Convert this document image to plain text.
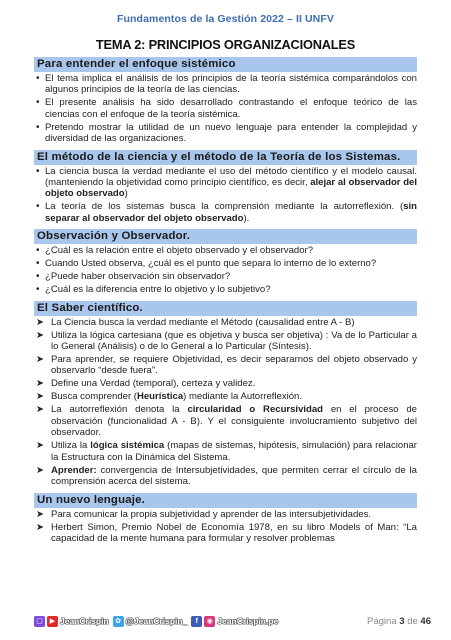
Fundamentos de la Gestión 2022 – II UNFV
TEMA 2: PRINCIPIOS ORGANIZACIONALES
Para entender el enfoque sistémico
• El tema implica el análisis de los principios de la teoría sistémica comparándolos con algunos principios de la teoría de las ciencias.
• El presente análisis ha sido desarrollado contrastando el enfoque teórico de las ciencias con el enfoque de la teoría sistémica.
• Pretendo mostrar la utilidad de un nuevo lenguaje para entender la complejidad y diversidad de las organizaciones.
El método de la ciencia y el método de la Teoría de los Sistemas.
• La ciencia busca la verdad mediante el uso del método científico y el modelo causal. (manteniendo la objetividad como principio científico, es decir, alejar al observador del objeto observado)
• La teoría de los sistemas busca la comprensión mediante la autorreflexión. (sin separar al observador del objeto observado).
Observación y Observador.
• ¿Cuál es la relación entre el objeto observado y el observador?
• Cuando Usted observa, ¿cuál es el punto que separa lo interno de lo externo?
• ¿Puede haber observación sin observador?
• ¿Cuál es la diferencia entre lo objetivo y lo subjetivo?
El Saber científico.
➤ La Ciencia busca la verdad mediante el Método (causalidad entre A - B)
➤ Utiliza la lógica cartesiana (que es objetiva y busca ser objetiva) : Va de lo Particular a lo General (Análisis) o de lo General a lo Particular (Síntesis).
➤ Para aprender, se requiere Objetividad, es decir separarnos del objeto observado y observarlo “desde fuera”.
➤ Define una Verdad (temporal), certeza y validez.
➤ Busca comprender (Heurística) mediante la Autorreflexión.
➤ La autorreflexión denota la circularidad o Recursividad en el proceso de observación (funcionalidad A - B). Y el consiguiente involucramiento subjetivo del observador.
➤ Utiliza la lógica sistémica (mapas de sistemas, hipótesis, simulación) para relacionar la Estructura con la Dinámica del Sistema.
➤ Aprender: convergencia de Intersubjetividades, que permiten cerrar el círculo de la comprensión acerca del sistema.
Un nuevo lenguaje.
➤ Para comunicar la propia subjetividad y aprender de las intersubjetividades.
➤ Herbert Simon, Premio Nobel de Economía 1978, en su libro Models of Man: “La capacidad de la mente humana para formular y resolver problemas
▢ ▶ JeanCrispin ✿ @JeanCrispin_	f	◉ JeanCrispin.pe	Página 3 de 46
